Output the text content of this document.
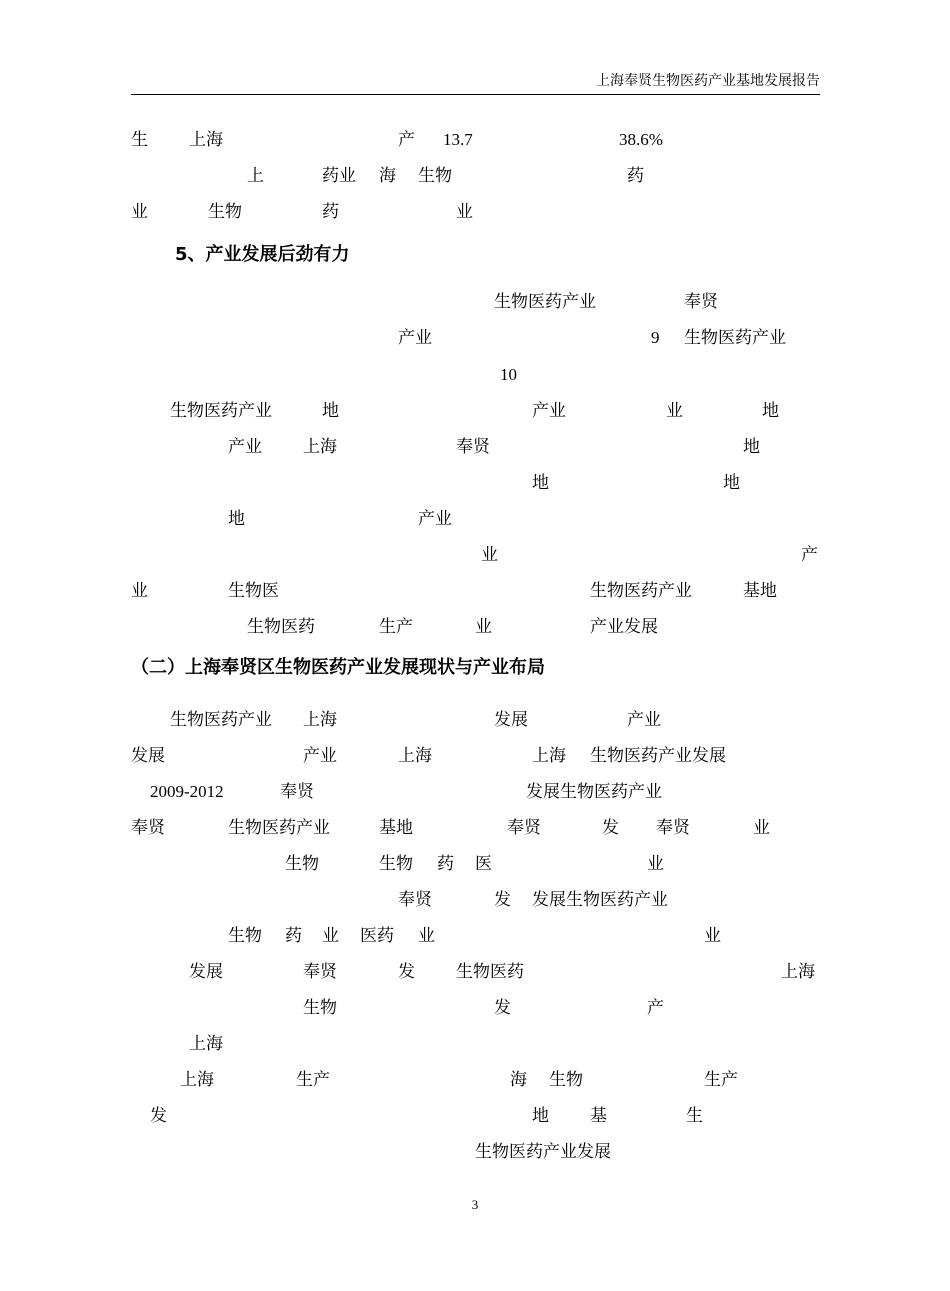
上海奉贤生物医药产业基地发展报告
生 上海	产 13.7	38.6%
上	药业 海 生物	药
业	生物	药	业
5、产业发展后劲有力
生物医药产业	奉贤
产业	9 生物医药产业
10
生物医药产业	地	产业	业	地
产业 上海	奉贤	地
地	地
地	产业
业	产
业	生物医	生物医药产业	基地
生物医药	生产	业	产业发展
（二）上海奉贤区生物医药产业发展现状与产业布局
生物医药产业 上海	发展	产业
发展	产业	上海	上海 生物医药产业发展
2009-2012	奉贤	发展生物医药产业
奉贤	生物医药产业	基地	奉贤	发 奉贤	业
生物	生物 药 医	业
奉贤	发 发展生物医药产业
生物 药 业 医药 业	业
发展	奉贤	发 生物医药	上海
生物	发	产
上海
上海	生产	海 生物	生产
发	地 基	生
生物医药产业发展
3
